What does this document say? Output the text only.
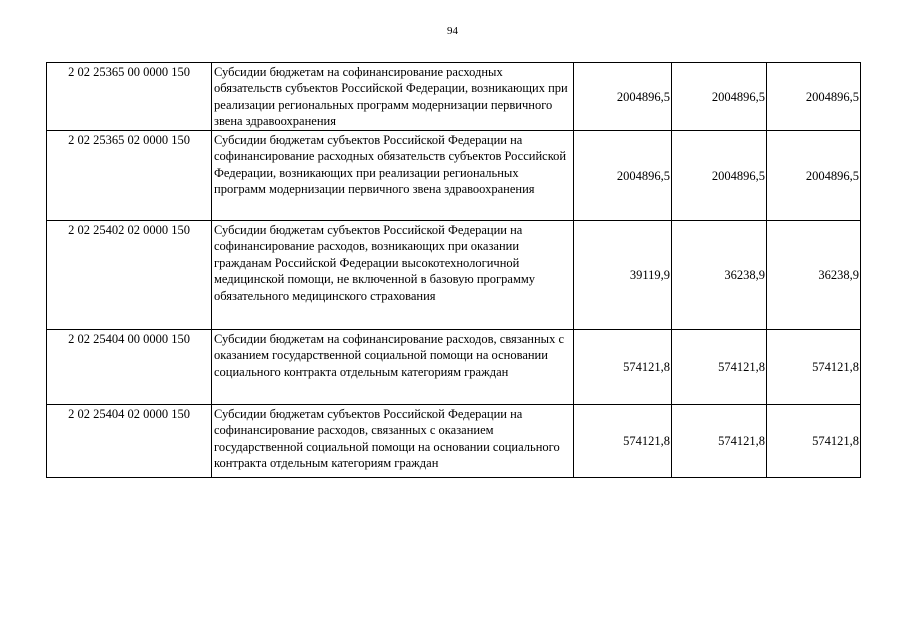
94
2 02 25365 00 0000 150	Субсидии бюджетам на софинансирование расходных обязательств субъектов Российской Федерации, возникающих при реализации региональных программ модернизации первичного звена здравоохранения	2004896,5	2004896,5	2004896,5
2 02 25365 02 0000 150	Субсидии бюджетам субъектов Российской Федерации на софинансирование расходных обязательств субъектов Российской Федерации, возникающих при реализации региональных программ модернизации первичного звена здравоохранения	2004896,5	2004896,5	2004896,5
2 02 25402 02 0000 150	Субсидии бюджетам субъектов Российской Федерации на софинансирование расходов, возникающих при оказании гражданам Российской Федерации высокотехнологичной медицинской помощи, не включенной в базовую программу обязательного медицинского страхования	39119,9	36238,9	36238,9
2 02 25404 00 0000 150	Субсидии бюджетам на софинансирование расходов, связанных с оказанием государственной социальной помощи на основании социального контракта отдельным категориям граждан	574121,8	574121,8	574121,8
2 02 25404 02 0000 150	Субсидии бюджетам субъектов Российской Федерации на софинансирование расходов, связанных с оказанием государственной социальной помощи на основании социального контракта отдельным категориям граждан	574121,8	574121,8	574121,8
